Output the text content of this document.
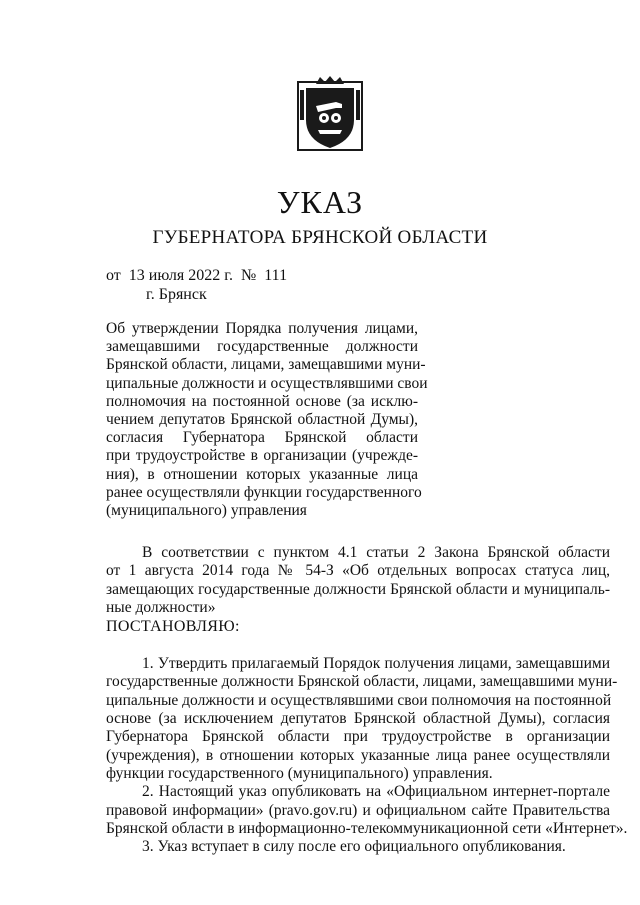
УКАЗ
ГУБЕРНАТОРА БРЯНСКОЙ ОБЛАСТИ
от  13 июля 2022 г.  №  111
г. Брянск
Об утверждении Порядка получения лицами,
замещавшими государственные должности
Брянской области, лицами, замещавшими муни-
ципальные должности и осуществлявшими свои
полномочия на постоянной основе (за исклю-
чением депутатов Брянской областной Думы),
согласия Губернатора Брянской области
при трудоустройстве в организации (учрежде-
ния), в отношении которых указанные лица
ранее осуществляли функции государственного
(муниципального) управления
В соответствии с пунктом 4.1 статьи 2 Закона Брянской области
от 1 августа 2014 года № 54-З «Об отдельных вопросах статуса лиц,
замещающих государственные должности Брянской области и муниципаль-
ные должности»
ПОСТАНОВЛЯЮ:
1. Утвердить прилагаемый Порядок получения лицами, замещавшими
государственные должности Брянской области, лицами, замещавшими муни-
ципальные должности и осуществлявшими свои полномочия на постоянной
основе (за исключением депутатов Брянской областной Думы), согласия
Губернатора Брянской области при трудоустройстве в организации
(учреждения), в отношении которых указанные лица ранее осуществляли
функции государственного (муниципального) управления.
2. Настоящий указ опубликовать на «Официальном интернет-портале
правовой информации» (pravo.gov.ru) и официальном сайте Правительства
Брянской области в информационно-телекоммуникационной сети «Интернет».
3. Указ вступает в силу после его официального опубликования.
